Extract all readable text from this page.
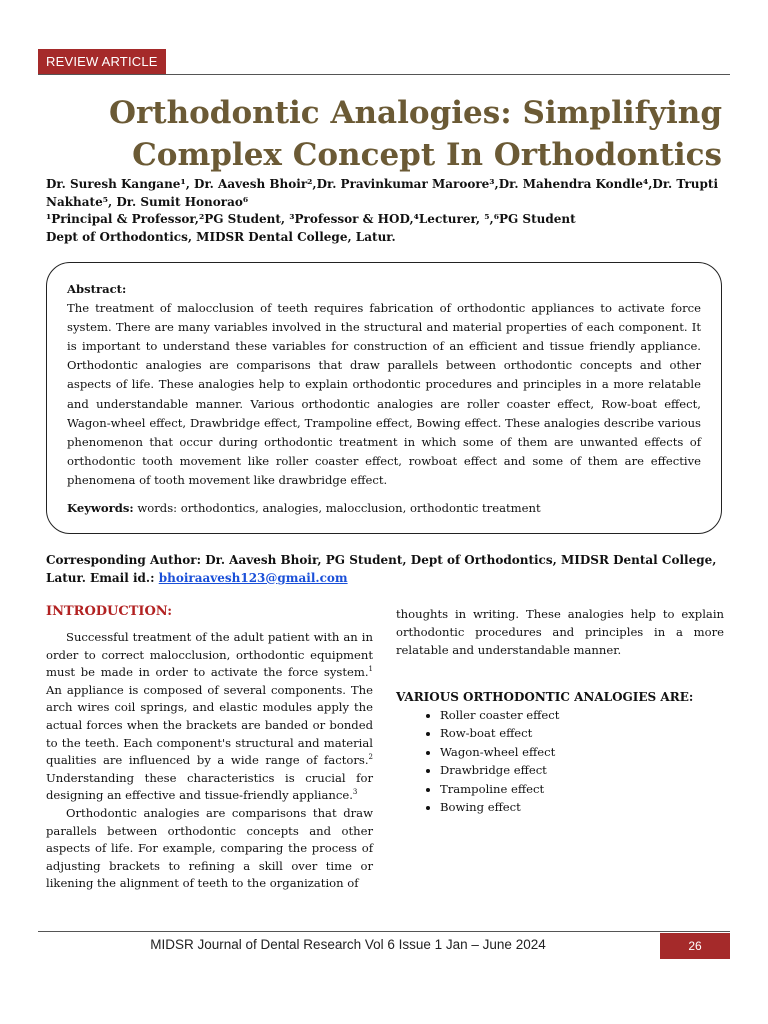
REVIEW ARTICLE
Orthodontic Analogies: Simplifying
Complex Concept In Orthodontics
Dr. Suresh Kangane¹, Dr. Aavesh Bhoir²,Dr. Pravinkumar Maroore³,Dr. Mahendra Kondle⁴,Dr. Trupti
Nakhate⁵, Dr. Sumit Honorao⁶
¹Principal & Professor,²PG Student, ³Professor & HOD,⁴Lecturer, ⁵,⁶PG Student
Dept of Orthodontics, MIDSR Dental College, Latur.
Abstract:
The treatment of malocclusion of teeth requires fabrication of orthodontic appliances to activate force system. There are many variables involved in the structural and material properties of each component. It is important to understand these variables for construction of an efficient and tissue friendly appliance. Orthodontic analogies are comparisons that draw parallels between orthodontic concepts and other aspects of life. These analogies help to explain orthodontic procedures and principles in a more relatable and understandable manner. Various orthodontic analogies are roller coaster effect, Row-boat effect, Wagon-wheel effect, Drawbridge effect, Trampoline effect, Bowing effect. These analogies describe various phenomenon that occur during orthodontic treatment in which some of them are unwanted effects of orthodontic tooth movement like roller coaster effect, rowboat effect and some of them are effective phenomena of tooth movement like drawbridge effect.
Keywords: words: orthodontics, analogies, malocclusion, orthodontic treatment
Corresponding Author: Dr. Aavesh Bhoir, PG Student, Dept of Orthodontics, MIDSR Dental College,
Latur. Email id.: bhoiraavesh123@gmail.com
INTRODUCTION:

Successful treatment of the adult patient with an in order to correct malocclusion, orthodontic equipment must be made in order to activate the force system.$^1$ An appliance is composed of several components. The arch wires coil springs, and elastic modules apply the actual forces when the brackets are banded or bonded to the teeth. Each component's structural and material qualities are influenced by a wide range of factors.$^2$ Understanding these characteristics is crucial for designing an effective and tissue-friendly appliance.$^3$

Orthodontic analogies are comparisons that draw parallels between orthodontic concepts and other aspects of life. For example, comparing the process of adjusting brackets to refining a skill over time or likening the alignment of teeth to the organization of

thoughts in writing. These analogies help to explain orthodontic procedures and principles in a more relatable and understandable manner.

VARIOUS ORTHODONTIC ANALOGIES ARE:
• Roller coaster effect
• Row-boat effect
• Wagon-wheel effect
• Drawbridge effect
• Trampoline effect
• Bowing effect
MIDSR Journal of Dental Research Vol 6 Issue 1 Jan – June 2024	26
